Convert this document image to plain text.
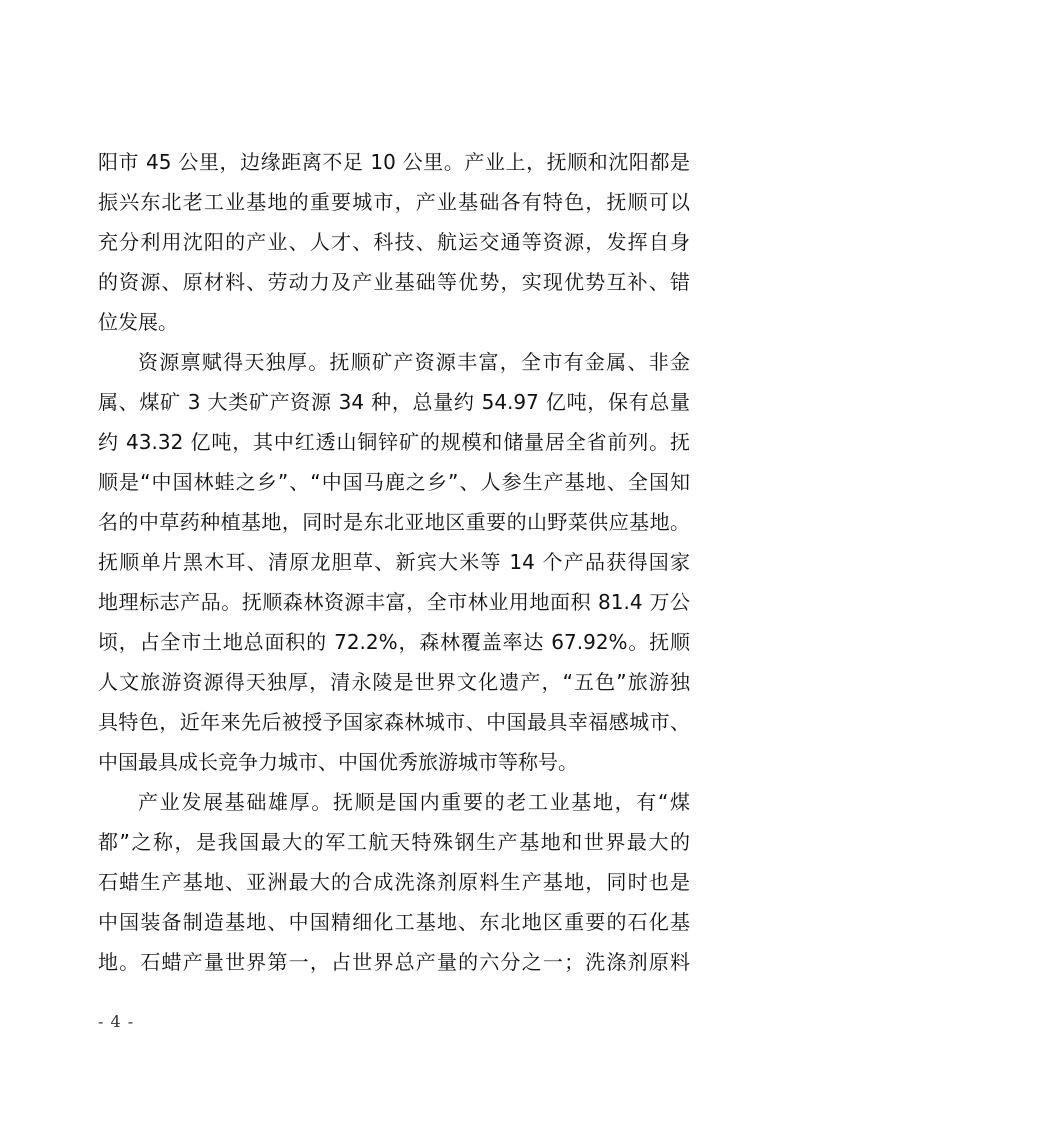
阳市 45 公里，边缘距离不足 10 公里。产业上，抚顺和沈阳都是
振兴东北老工业基地的重要城市，产业基础各有特色，抚顺可以
充分利用沈阳的产业、人才、科技、航运交通等资源，发挥自身
的资源、原材料、劳动力及产业基础等优势，实现优势互补、错
位发展。
资源禀赋得天独厚。抚顺矿产资源丰富，全市有金属、非金
属、煤矿 3 大类矿产资源 34 种，总量约 54.97 亿吨，保有总量
约 43.32 亿吨，其中红透山铜锌矿的规模和储量居全省前列。抚
顺是“中国林蛙之乡”、“中国马鹿之乡”、人参生产基地、全国知
名的中草药种植基地，同时是东北亚地区重要的山野菜供应基地。
抚顺单片黑木耳、清原龙胆草、新宾大米等 14 个产品获得国家
地理标志产品。抚顺森林资源丰富，全市林业用地面积 81.4 万公
顷，占全市土地总面积的 72.2%，森林覆盖率达 67.92%。抚顺
人文旅游资源得天独厚，清永陵是世界文化遗产，“五色”旅游独
具特色，近年来先后被授予国家森林城市、中国最具幸福感城市、
中国最具成长竞争力城市、中国优秀旅游城市等称号。
产业发展基础雄厚。抚顺是国内重要的老工业基地，有“煤
都”之称，是我国最大的军工航天特殊钢生产基地和世界最大的
石蜡生产基地、亚洲最大的合成洗涤剂原料生产基地，同时也是
中国装备制造基地、中国精细化工基地、东北地区重要的石化基
地。石蜡产量世界第一，占世界总产量的六分之一；洗涤剂原料
- 4 -
